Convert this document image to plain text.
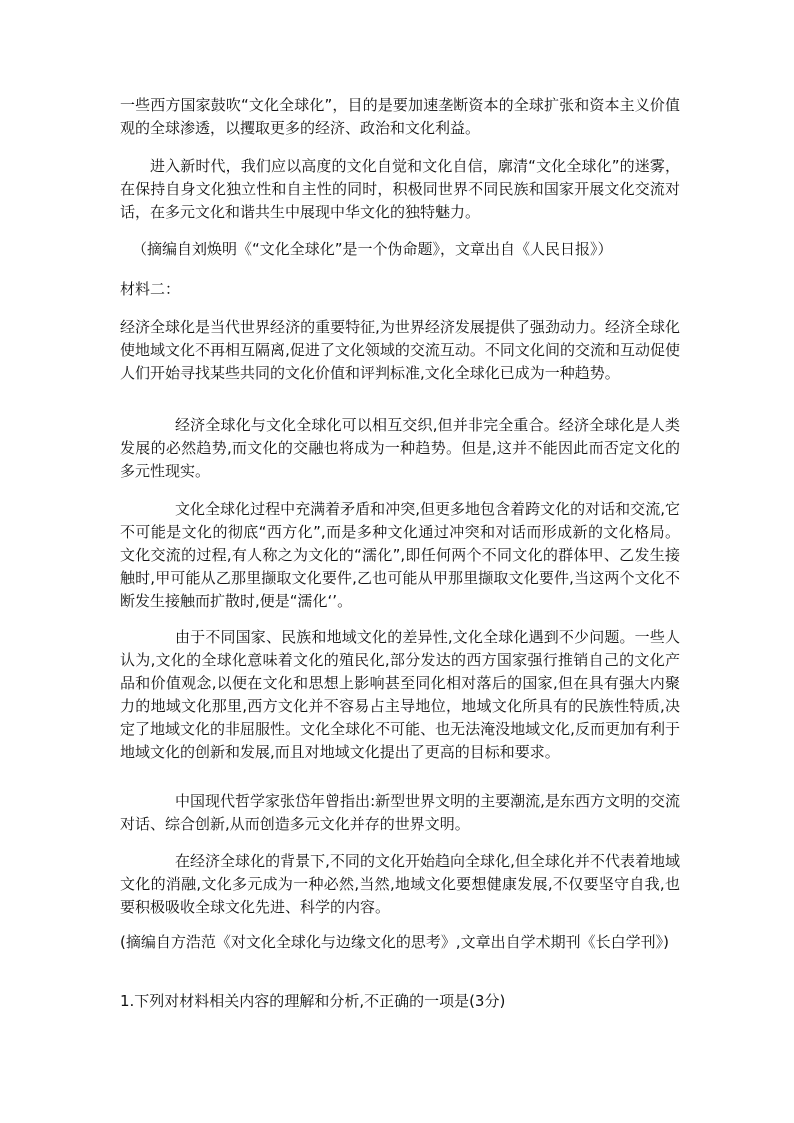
一些西方国家鼓吹“文化全球化”，目的是要加速垄断资本的全球扩张和资本主义价值观的全球渗透，以攫取更多的经济、政治和文化利益。

进入新时代，我们应以高度的文化自觉和文化自信，廓清“文化全球化”的迷雾，在保持自身文化独立性和自主性的同时，积极同世界不同民族和国家开展文化交流对话，在多元文化和谐共生中展现中华文化的独特魅力。

（摘编自刘焕明《“文化全球化”是一个伪命题》，文章出自《人民日报》）

材料二：

经济全球化是当代世界经济的重要特征,为世界经济发展提供了强劲动力。经济全球化使地域文化不再相互隔离,促进了文化领域的交流互动。不同文化间的交流和互动促使人们开始寻找某些共同的文化价值和评判标准,文化全球化已成为一种趋势。

经济全球化与文化全球化可以相互交织,但并非完全重合。经济全球化是人类发展的必然趋势,而文化的交融也将成为一种趋势。但是,这并不能因此而否定文化的多元性现实。

文化全球化过程中充满着矛盾和冲突,但更多地包含着跨文化的对话和交流,它不可能是文化的彻底“西方化”,而是多种文化通过冲突和对话而形成新的文化格局。文化交流的过程,有人称之为文化的“濡化”,即任何两个不同文化的群体甲、乙发生接触时,甲可能从乙那里撷取文化要件,乙也可能从甲那里撷取文化要件,当这两个文化不断发生接触而扩散时,便是“濡化‘’。

由于不同国家、民族和地域文化的差异性,文化全球化遇到不少问题。一些人认为,文化的全球化意味着文化的殖民化,部分发达的西方国家强行推销自己的文化产品和价值观念,以便在文化和思想上影响甚至同化相对落后的国家,但在具有强大内聚力的地域文化那里,西方文化并不容易占主导地位，地域文化所具有的民族性特质,决定了地域文化的非屈服性。文化全球化不可能、也无法淹没地域文化,反而更加有利于地域文化的创新和发展,而且对地域文化提出了更高的目标和要求。

中国现代哲学家张岱年曾指出:新型世界文明的主要潮流,是东西方文明的交流对话、综合创新,从而创造多元文化并存的世界文明。

在经济全球化的背景下,不同的文化开始趋向全球化,但全球化并不代表着地域文化的消融,文化多元成为一种必然,当然,地域文化要想健康发展,不仅要坚守自我,也要积极吸收全球文化先进、科学的内容。

(摘编自方浩范《对文化全球化与边缘文化的思考》,文章出自学术期刊《长白学刊》)

1.下列对材料相关内容的理解和分析,不正确的一项是(3分)
